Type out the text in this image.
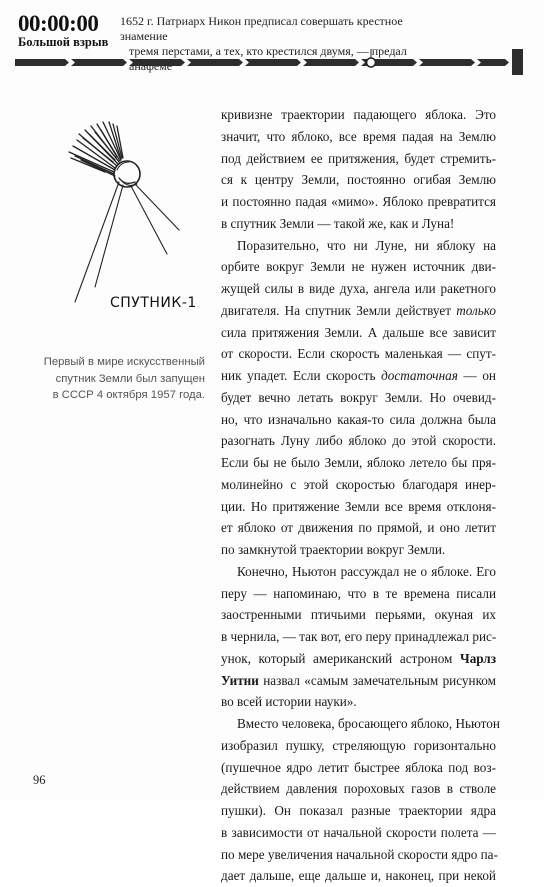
00:00:00
Большой взрыв
1652 г. Патриарх Никон предписал совершать крестное знамение
тремя перстами, а тех, кто крестился двумя, — предал
СПУТНИК-1
Первый в мире искусственный
спутник Земли был запущен
в СССР 4 октября 1957 года.
кривизне траектории падающего яблока. Это
значит, что яблоко, все время падая на Землю
под действием ее притяжения, будет стремить-
ся к центру Земли, постоянно огибая Землю
и постоянно падая «мимо». Яблоко превратится
в спутник Земли — такой же, как и Луна!
Поразительно, что ни Луне, ни яблоку на
орбите вокруг Земли не нужен источник дви-
жущей силы в виде духа, ангела или ракетного
двигателя. На спутник Земли действует только
сила притяжения Земли. А дальше все зависит
от скорости. Если скорость маленькая — спут-
ник упадет. Если скорость достаточная — он
будет вечно летать вокруг Земли. Но очевид-
но, что изначально какая-то сила должна была
разогнать Луну либо яблоко до этой скорости.
Если бы не было Земли, яблоко летело бы пря-
молинейно с этой скоростью благодаря инер-
ции. Но притяжение Земли все время отклоня-
ет яблоко от движения по прямой, и оно летит
по замкнутой траектории вокруг Земли.
Конечно, Ньютон рассуждал не о яблоке. Его
перу — напоминаю, что в те времена писали
заостренными птичьими перьями, окуная их
в чернила, — так вот, его перу принадлежал рис-
унок, который американский астроном Чарлз
Уитни назвал «самым замечательным рисунком
во всей истории науки».
Вместо человека, бросающего яблоко, Ньютон
изобразил пушку, стреляющую горизонтально
(пушечное ядро летит быстрее яблока под воз-
действием давления пороховых газов в стволе
пушки). Он показал разные траектории ядра
в зависимости от начальной скорости полета —
по мере увеличения начальной скорости ядро па-
дает дальше, еще дальше и, наконец, при некой
96
